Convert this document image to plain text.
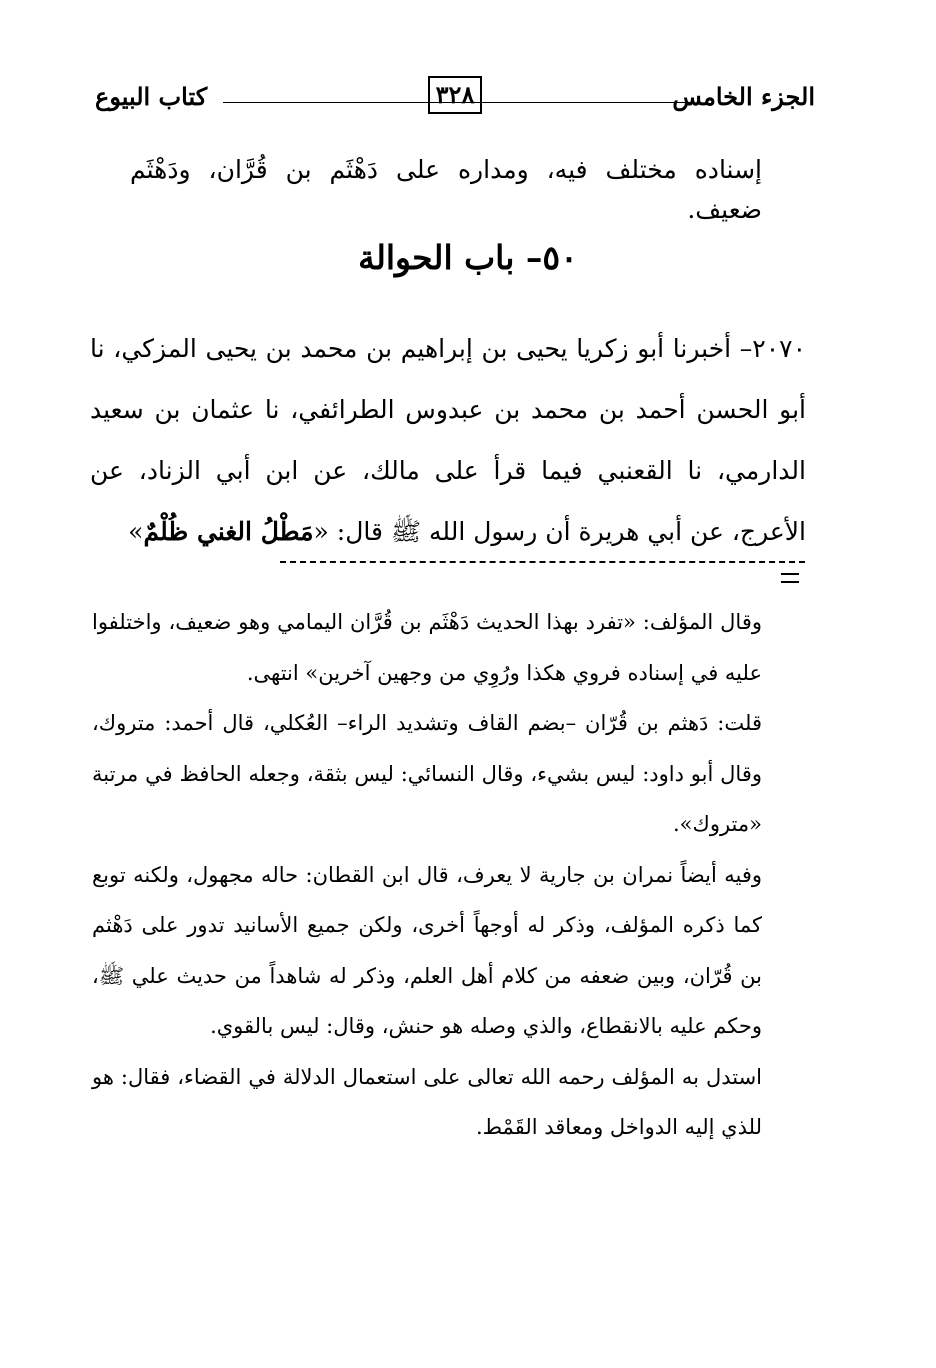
الجزء الخامس
٣٢٨
كتاب البيوع
إسناده مختلف فيه، ومداره على دَهْثَم بن قُرَّان، ودَهْثَم ضعيف.
٥٠– باب الحوالة
٢٠٧٠– أخبرنا أبو زكريا يحيى بن إبراهيم بن محمد بن يحيى المزكي، نا أبو الحسن أحمد بن محمد بن عبدوس الطرائفي، نا عثمان بن سعيد الدارمي، نا القعنبي فيما قرأ على مالك، عن ابن أبي الزناد، عن الأعرج، عن أبي هريرة أن رسول الله ﷺ قال: «مَطْلُ الغني ظُلْمٌ»

وقال المؤلف: «تفرد بهذا الحديث دَهْثَم بن قُرَّان اليمامي وهو ضعيف، واختلفوا عليه في إسناده فروي هكذا ورُوِي من وجهين آخرين» انتهى.

قلت: دَهثم بن قُرّان –بضم القاف وتشديد الراء– العُكلي، قال أحمد: متروك، وقال أبو داود: ليس بشيء، وقال النسائي: ليس بثقة، وجعله الحافظ في مرتبة «متروك».

وفيه أيضاً نمران بن جارية لا يعرف، قال ابن القطان: حاله مجهول، ولكنه توبع كما ذكره المؤلف، وذكر له أوجهاً أخرى، ولكن جميع الأسانيد تدور على دَهْثم بن قُرّان، وبين ضعفه من كلام أهل العلم، وذكر له شاهداً من حديث علي ﷺ، وحكم عليه بالانقطاع، والذي وصله هو حنش، وقال: ليس بالقوي.

استدل به المؤلف رحمه الله تعالى على استعمال الدلالة في القضاء، فقال: هو للذي إليه الدواخل ومعاقد القَمْط.
